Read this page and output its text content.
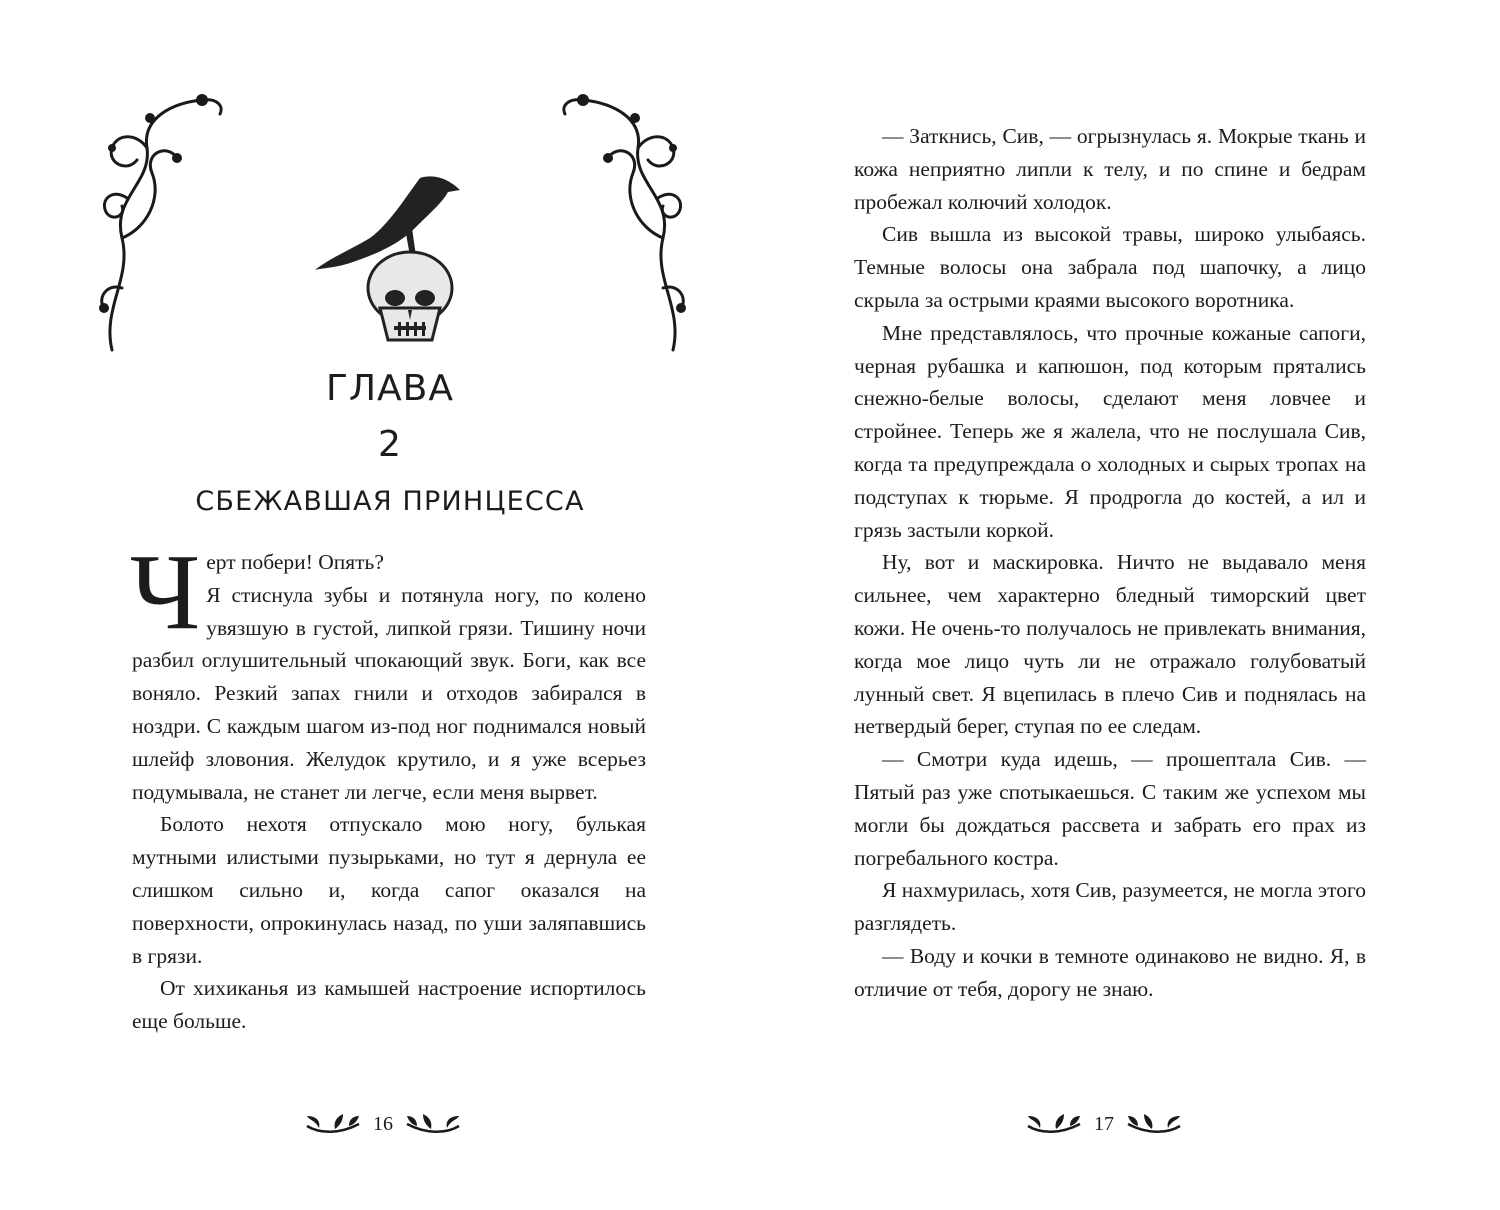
ГЛАВА
2
СБЕЖАВШАЯ ПРИНЦЕССА

Черт побери! Опять?

Я стиснула зубы и потянула ногу, по колено увязшую в густой, липкой грязи. Тишину ночи разбил оглушительный чпокающий звук. Боги, как все воняло. Резкий запах гнили и отходов забирался в ноздри. С каждым шагом из-под ног поднимался новый шлейф зловония. Желудок крутило, и я уже всерьез подумывала, не станет ли легче, если меня вырвет.

Болото нехотя отпускало мою ногу, булькая мутными илистыми пузырьками, но тут я дернула ее слишком сильно и, когда сапог оказался на поверхности, опрокинулась назад, по уши заляпавшись в грязи.

От хихиканья из камышей настроение испортилось еще больше.

16

— Заткнись, Сив, — огрызнулась я. Мокрые ткань и кожа неприятно липли к телу, и по спине и бедрам пробежал колючий холодок.

Сив вышла из высокой травы, широко улыбаясь. Темные волосы она забрала под шапочку, а лицо скрыла за острыми краями высокого воротника.

Мне представлялось, что прочные кожаные сапоги, черная рубашка и капюшон, под которым прятались снежно-белые волосы, сделают меня ловчее и стройнее. Теперь же я жалела, что не послушала Сив, когда та предупреждала о холодных и сырых тропах на подступах к тюрьме. Я продрогла до костей, а ил и грязь застыли коркой.

Ну, вот и маскировка. Ничто не выдавало меня сильнее, чем характерно бледный тиморский цвет кожи. Не очень-то получалось не привлекать внимания, когда мое лицо чуть ли не отражало голубоватый лунный свет. Я вцепилась в плечо Сив и поднялась на нетвердый берег, ступая по ее следам.

— Смотри куда идешь, — прошептала Сив. — Пятый раз уже спотыкаешься. С таким же успехом мы могли бы дождаться рассвета и забрать его прах из погребального костра.

Я нахмурилась, хотя Сив, разумеется, не могла этого разглядеть.

— Воду и кочки в темноте одинаково не видно. Я, в отличие от тебя, дорогу не знаю.

17
